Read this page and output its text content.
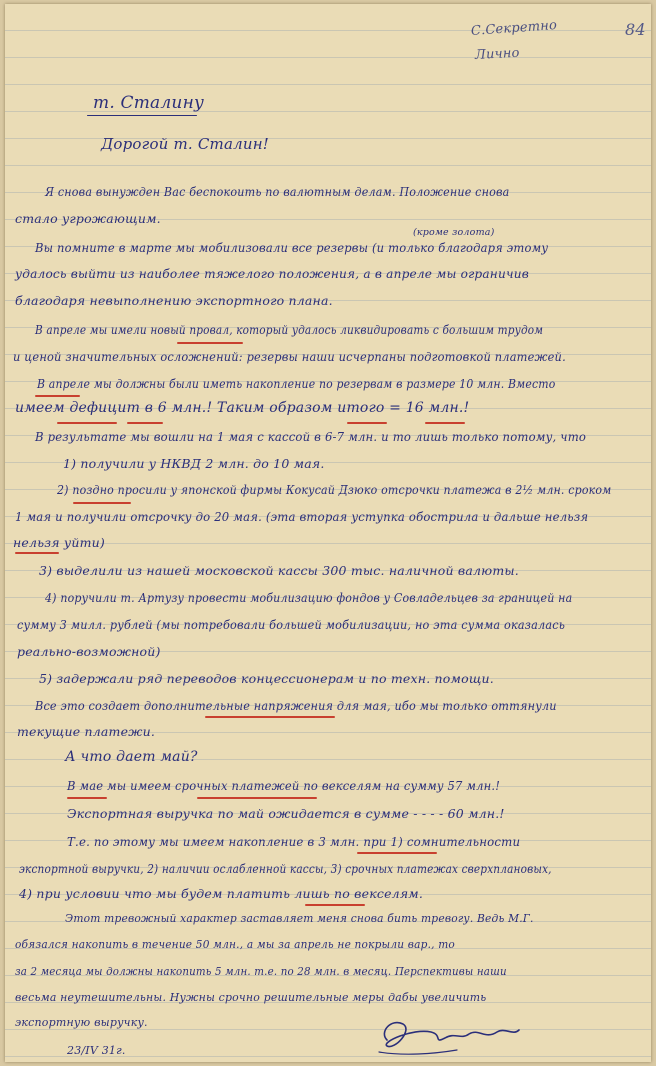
С.Секретно
Лично
84
т. Сталину
Дорогой т. Сталин!
(кроме золота)
Я снова вынужден Вас беспокоить по валютным делам. Положение снова
стало угрожающим.
Вы помните в марте мы мобилизовали все резервы (и только благодаря этому
удалось выйти из наиболее тяжелого положения, а в апреле мы ограничив
благодаря невыполнению экспортного плана.
В апреле мы имели новый провал, который удалось ликвидировать с большим трудом
и ценой значительных осложнений: резервы наши исчерпаны подготовкой платежей.
В апреле мы должны были иметь накопление по резервам в размере 10 млн. Вместо
имеем дефицит в 6 млн.! Таким образом итого = 16 млн.!
В результате мы вошли на 1 мая с кассой в 6-7 млн. и то лишь только потому, что
1) получили у НКВД 2 млн. до 10 мая.
2) поздно просили у японской фирмы Кокусай Дзюко отсрочки платежа в 2½ млн. сроком
1 мая и получили отсрочку до 20 мая. (эта вторая уступка обострила и дальше нельзя
нельзя уйти)
3) выделили из нашей московской кассы 300 тыс. наличной валюты.
4) поручили т. Артузу провести мобилизацию фондов у Совладельцев за границей на
сумму 3 милл. рублей (мы потребовали большей мобилизации, но эта сумма оказалась
реально-возможной)
5) задержали ряд переводов концессионерам и по техн. помощи.
Все это создает дополнительные напряжения для мая, ибо мы только оттянули
текущие платежи.
А что дает май?
В мае мы имеем срочных платежей по векселям на сумму 57 млн.!
Экспортная выручка по май ожидается в сумме - - - - 60 млн.!
Т.е. по этому мы имеем накопление в 3 млн. при 1) сомнительности
экспортной выручки, 2) наличии ослабленной кассы, 3) срочных платежах сверхплановых,
4) при условии что мы будем платить лишь по векселям.
Этот тревожный характер заставляет меня снова бить тревогу. Ведь М.Г.
обязался накопить в течение 50 млн., а мы за апрель не покрыли вар., то
за 2 месяца мы должны накопить 5 млн. т.е. по 28 млн. в месяц. Перспективы наши
весьма неутешительны. Нужны срочно решительные меры дабы увеличить
экспортную выручку.
23/IV 31г.
